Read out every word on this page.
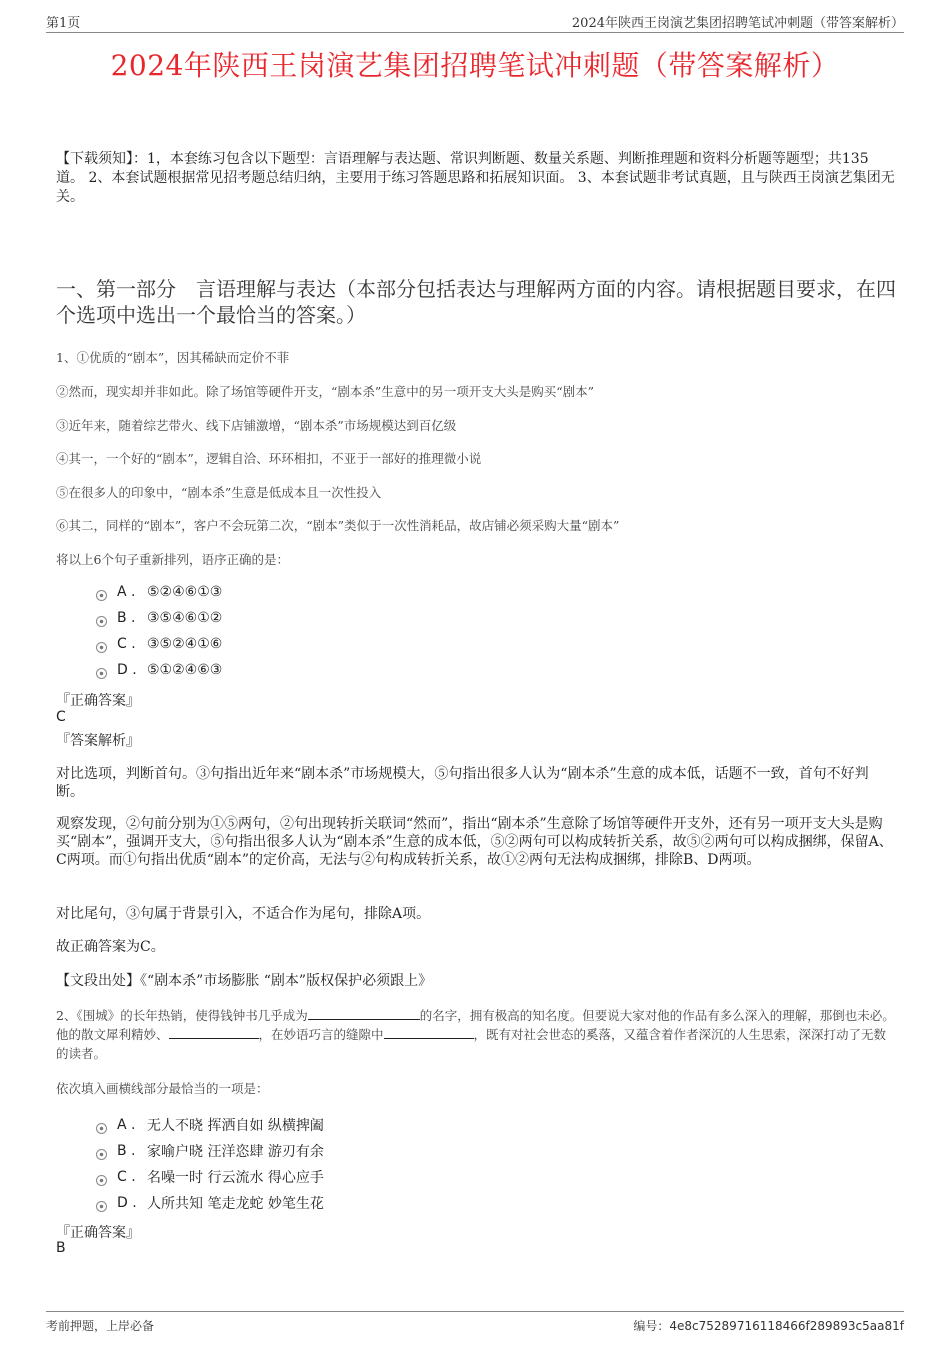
第1页	2024年陕西王岗演艺集团招聘笔试冲刺题（带答案解析）
2024年陕西王岗演艺集团招聘笔试冲刺题（带答案解析）
【下载须知】：1，本套练习包含以下题型：言语理解与表达题、常识判断题、数量关系题、判断推理题和资料分析题等题型；共135道。 2、本套试题根据常见招考题总结归纳，主要用于练习答题思路和拓展知识面。 3、本套试题非考试真题，且与陕西王岗演艺集团无关。
一、第一部分　言语理解与表达（本部分包括表达与理解两方面的内容。请根据题目要求，在四个选项中选出一个最恰当的答案。）
1、①优质的“剧本”，因其稀缺而定价不菲
②然而，现实却并非如此。除了场馆等硬件开支，“剧本杀”生意中的另一项开支大头是购买“剧本”
③近年来，随着综艺带火、线下店铺激增，“剧本杀”市场规模达到百亿级
④其一，一个好的“剧本”，逻辑自洽、环环相扣，不亚于一部好的推理微小说
⑤在很多人的印象中，“剧本杀”生意是低成本且一次性投入
⑥其二，同样的“剧本”，客户不会玩第二次，“剧本”类似于一次性消耗品，故店铺必须采购大量“剧本”
将以上6个句子重新排列，语序正确的是：
A . ⑤②④⑥①③
B . ③⑤④⑥①②
C . ③⑤②④①⑥
D . ⑤①②④⑥③
『正确答案』
C
『答案解析』
对比选项，判断首句。③句指出近年来“剧本杀”市场规模大，⑤句指出很多人认为“剧本杀”生意的成本低，话题不一致，首句不好判断。
观察发现，②句前分别为①⑤两句，②句出现转折关联词“然而”，指出“剧本杀”生意除了场馆等硬件开支外，还有另一项开支大头是购买“剧本”，强调开支大，⑤句指出很多人认为“剧本杀”生意的成本低，⑤②两句可以构成转折关系，故⑤②两句可以构成捆绑，保留A、C两项。而①句指出优质“剧本”的定价高，无法与②句构成转折关系，故①②两句无法构成捆绑，排除B、D两项。
对比尾句，③句属于背景引入，不适合作为尾句，排除A项。
故正确答案为C。
【文段出处】《“剧本杀”市场膨胀 “剧本”版权保护必须跟上》
2、《围城》的长年热销，使得钱钟书几乎成为	的名字，拥有极高的知名度。但要说大家对他的作品有多么深入的理解，那倒也未必。他的散文犀利精妙、	，在妙语巧言的缝隙中	，既有对社会世态的奚落，又蕴含着作者深沉的人生思索，深深打动了无数的读者。
依次填入画横线部分最恰当的一项是：
A . 无人不晓 挥洒自如 纵横捭阖
B . 家喻户晓 汪洋恣肆 游刃有余
C . 名噪一时 行云流水 得心应手
D . 人所共知 笔走龙蛇 妙笔生花
『正确答案』
B
考前押题，上岸必备	编号：4e8c75289716118466f289893c5aa81f
